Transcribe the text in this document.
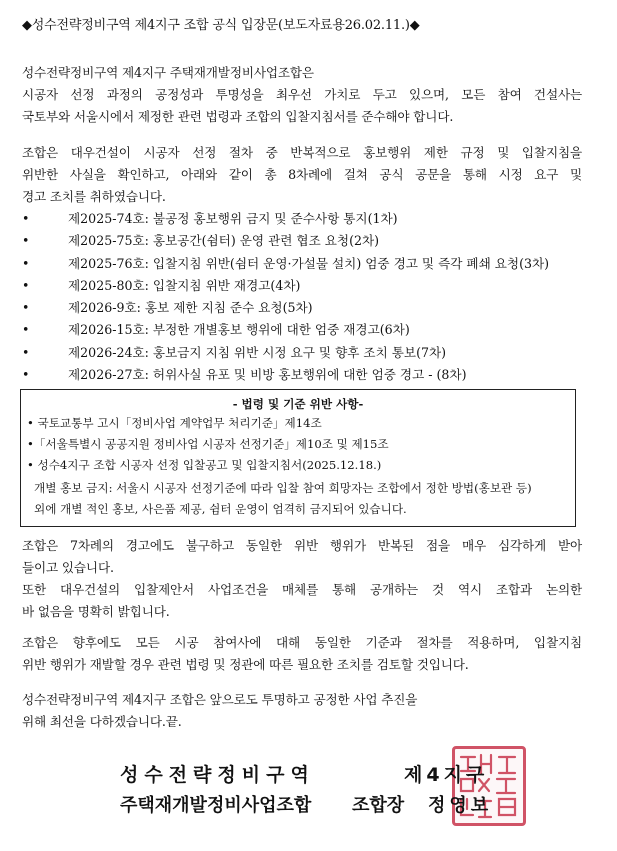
◆성수전략정비구역 제4지구 조합 공식 입장문(보도자료용26.02.11.)◆
성수전략정비구역 제4지구 주택재개발정비사업조합은
시공자 선정 과정의 공정성과 투명성을 최우선 가치로 두고 있으며, 모든 참여 건설사는
국토부와 서울시에서 제정한 관련 법령과 조합의 입찰지침서를 준수해야 합니다.
조합은 대우건설이 시공자 선정 절차 중 반복적으로 홍보행위 제한 규정 및 입찰지침을
위반한 사실을 확인하고, 아래와 같이 총 8차례에 걸쳐 공식 공문을 통해 시정 요구 및
경고 조치를 취하였습니다.
•	제2025-74호: 불공정 홍보행위 금지 및 준수사항 통지(1차)
•	제2025-75호: 홍보공간(쉼터) 운영 관련 협조 요청(2차)
•	제2025-76호: 입찰지침 위반(쉼터 운영·가설물 설치) 엄중 경고 및 즉각 폐쇄 요청(3차)
•	제2025-80호: 입찰지침 위반 재경고(4차)
•	제2026-9호: 홍보 제한 지침 준수 요청(5차)
•	제2026-15호: 부정한 개별홍보 행위에 대한 엄중 재경고(6차)
•	제2026-24호: 홍보금지 지침 위반 시정 요구 및 향후 조치 통보(7차)
•	제2026-27호: 허위사실 유포 및 비방 홍보행위에 대한 엄중 경고 - (8차)
- 법령 및 기준 위반 사항-
• 국토교통부 고시「정비사업 계약업무 처리기준」제14조
•「서울특별시 공공지원 정비사업 시공자 선정기준」제10조 및 제15조
• 성수4지구 조합 시공자 선정 입찰공고 및 입찰지침서(2025.12.18.)
개별 홍보 금지: 서울시 시공자 선정기준에 따라 입찰 참여 희망자는 조합에서 정한 방법(홍보관 등)
외에 개별 적인 홍보, 사은품 제공, 쉼터 운영이 엄격히 금지되어 있습니다.
조합은 7차례의 경고에도 불구하고 동일한 위반 행위가 반복된 점을 매우 심각하게 받아
들이고 있습니다.
또한 대우건설의 입찰제안서 사업조건을 매체를 통해 공개하는 것 역시 조합과 논의한
바 없음을 명확히 밝힙니다.
조합은 향후에도 모든 시공 참여사에 대해 동일한 기준과 절차를 적용하며, 입찰지침
위반 행위가 재발할 경우 관련 법령 및 정관에 따른 필요한 조치를 검토할 것입니다.
성수전략정비구역 제4지구 조합은 앞으로도 투명하고 공정한 사업 추진을
위해 최선을 다하겠습니다.끝.
성수전략정비구역	제4지구
주택재개발정비사업조합 조합장 정영보
